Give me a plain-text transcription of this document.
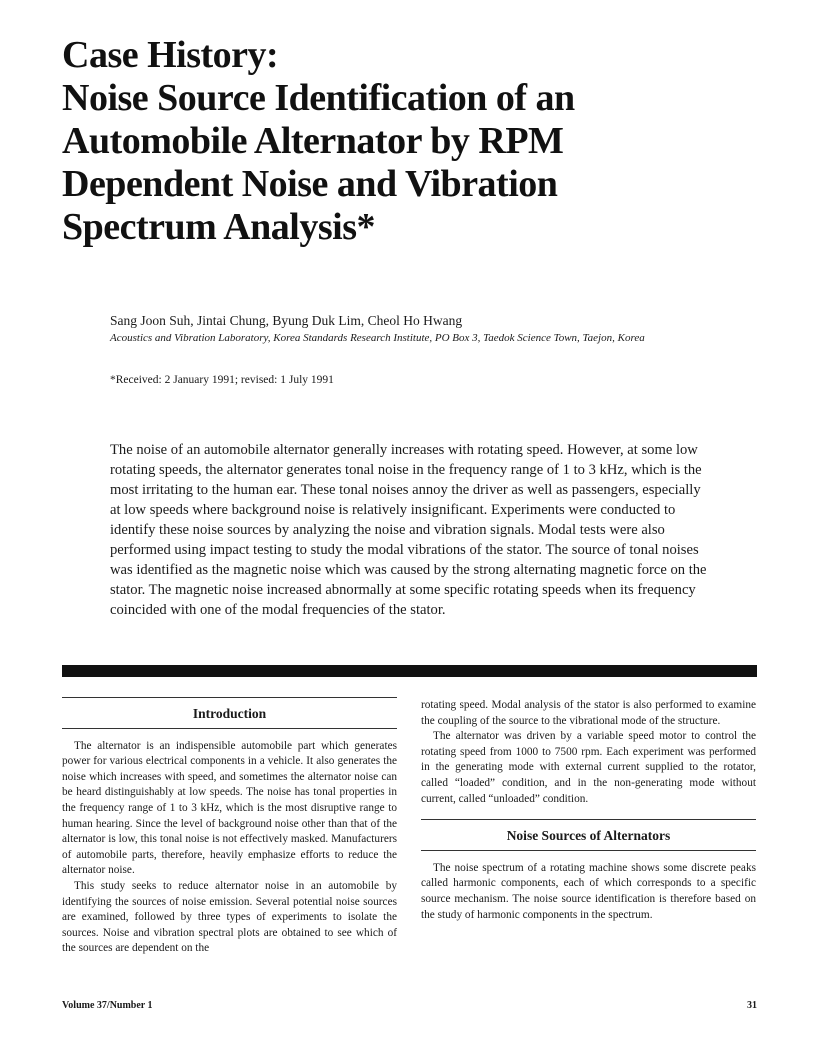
Case History:
Noise Source Identification of an
Automobile Alternator by RPM
Dependent Noise and Vibration
Spectrum Analysis*
Sang Joon Suh, Jintai Chung, Byung Duk Lim, Cheol Ho Hwang
Acoustics and Vibration Laboratory, Korea Standards Research Institute, PO Box 3, Taedok Science Town, Taejon, Korea
*Received: 2 January 1991; revised: 1 July 1991

The noise of an automobile alternator generally increases with rotating speed. However, at some low rotating speeds, the alternator generates tonal noise in the frequency range of 1 to 3 kHz, which is the most irritating to the human ear. These tonal noises annoy the driver as well as passengers, especially at low speeds where background noise is relatively insignificant. Experiments were conducted to identify these noise sources by analyzing the noise and vibration signals. Modal tests were also performed using impact testing to study the modal vibrations of the stator. The source of tonal noises was identified as the magnetic noise which was caused by the strong alternating magnetic force on the stator. The magnetic noise increased abnormally at some specific rotating speeds when its frequency coincided with one of the modal frequencies of the stator.

Introduction

The alternator is an indispensible automobile part which generates power for various electrical components in a vehicle. It also generates the noise which increases with speed, and sometimes the alternator noise can be heard distinguishably at low speeds. The noise has tonal properties in the frequency range of 1 to 3 kHz, which is the most disruptive range to human hearing. Since the level of background noise other than that of the alternator is low, this tonal noise is not effectively masked. Manufacturers of automobile parts, therefore, heavily emphasize efforts to reduce the alternator noise.

This study seeks to reduce alternator noise in an automobile by identifying the sources of noise emission. Several potential noise sources are examined, followed by three types of experiments to isolate the sources. Noise and vibration spectral plots are obtained to see which of the sources are dependent on the

rotating speed. Modal analysis of the stator is also performed to examine the coupling of the source to the vibrational mode of the structure.

The alternator was driven by a variable speed motor to control the rotating speed from 1000 to 7500 rpm. Each experiment was performed in the generating mode with external current supplied to the rotator, called “loaded” condition, and in the non-generating mode without current, called “unloaded” condition.

Noise Sources of Alternators

The noise spectrum of a rotating machine shows some discrete peaks called harmonic components, each of which corresponds to a specific source mechanism. The noise source identification is therefore based on the study of harmonic components in the spectrum.

Volume 37/Number 1	31
